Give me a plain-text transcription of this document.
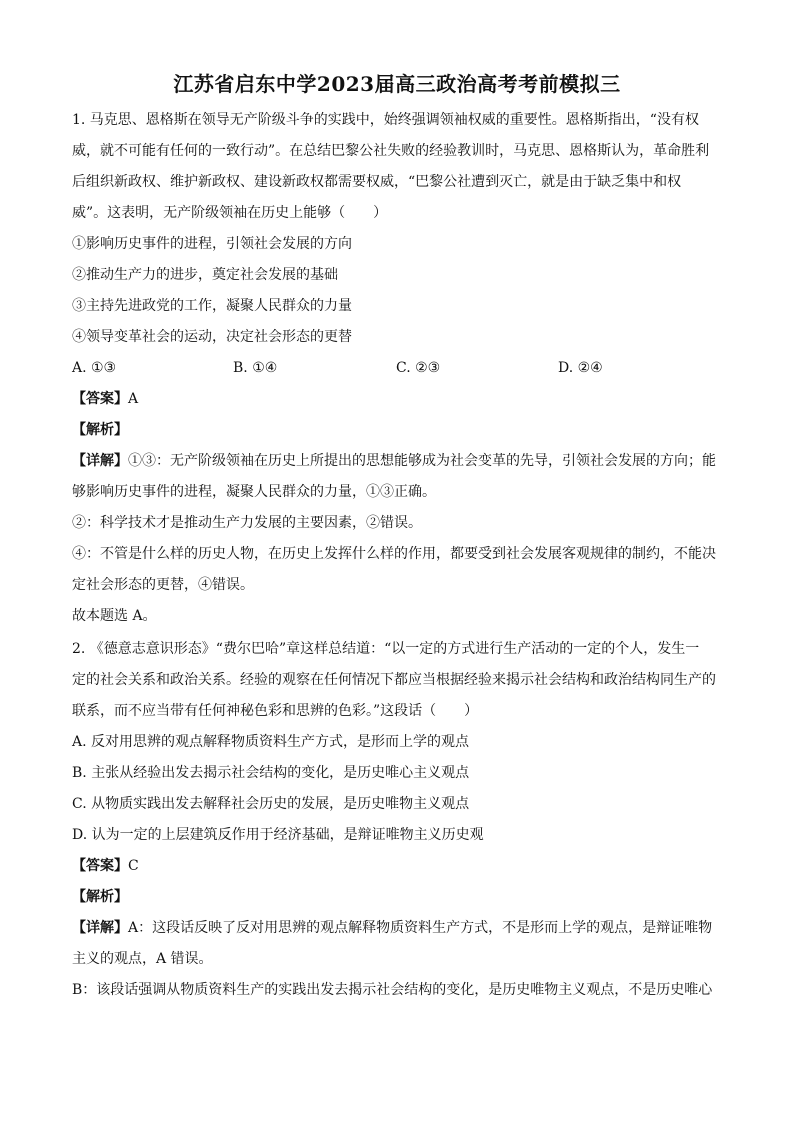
江苏省启东中学2023届高三政治高考考前模拟三
1. 马克思、恩格斯在领导无产阶级斗争的实践中，始终强调领袖权威的重要性。恩格斯指出，“没有权
威，就不可能有任何的一致行动”。在总结巴黎公社失败的经验教训时，马克思、恩格斯认为，革命胜利
后组织新政权、维护新政权、建设新政权都需要权威，“巴黎公社遭到灭亡，就是由于缺乏集中和权
威”。这表明，无产阶级领袖在历史上能够（　　）
①影响历史事件的进程，引领社会发展的方向
②推动生产力的进步，奠定社会发展的基础
③主持先进政党的工作，凝聚人民群众的力量
④领导变革社会的运动，决定社会形态的更替
A. ①③	B. ①④	C. ②③	D. ②④
【答案】A
【解析】
【详解】①③：无产阶级领袖在历史上所提出的思想能够成为社会变革的先导，引领社会发展的方向；能
够影响历史事件的进程，凝聚人民群众的力量，①③正确。
②：科学技术才是推动生产力发展的主要因素，②错误。
④：不管是什么样的历史人物，在历史上发挥什么样的作用，都要受到社会发展客观规律的制约，不能决
定社会形态的更替，④错误。
故本题选 A。
2. 《德意志意识形态》“费尔巴哈”章这样总结道：“以一定的方式进行生产活动的一定的个人，发生一
定的社会关系和政治关系。经验的观察在任何情况下都应当根据经验来揭示社会结构和政治结构同生产的
联系，而不应当带有任何神秘色彩和思辨的色彩。”这段话（　　）
A. 反对用思辨的观点解释物质资料生产方式，是形而上学的观点
B. 主张从经验出发去揭示社会结构的变化，是历史唯心主义观点
C. 从物质实践出发去解释社会历史的发展，是历史唯物主义观点
D. 认为一定的上层建筑反作用于经济基础，是辩证唯物主义历史观
【答案】C
【解析】
【详解】A：这段话反映了反对用思辨的观点解释物质资料生产方式，不是形而上学的观点，是辩证唯物
主义的观点，A 错误。
B：该段话强调从物质资料生产的实践出发去揭示社会结构的变化，是历史唯物主义观点，不是历史唯心
